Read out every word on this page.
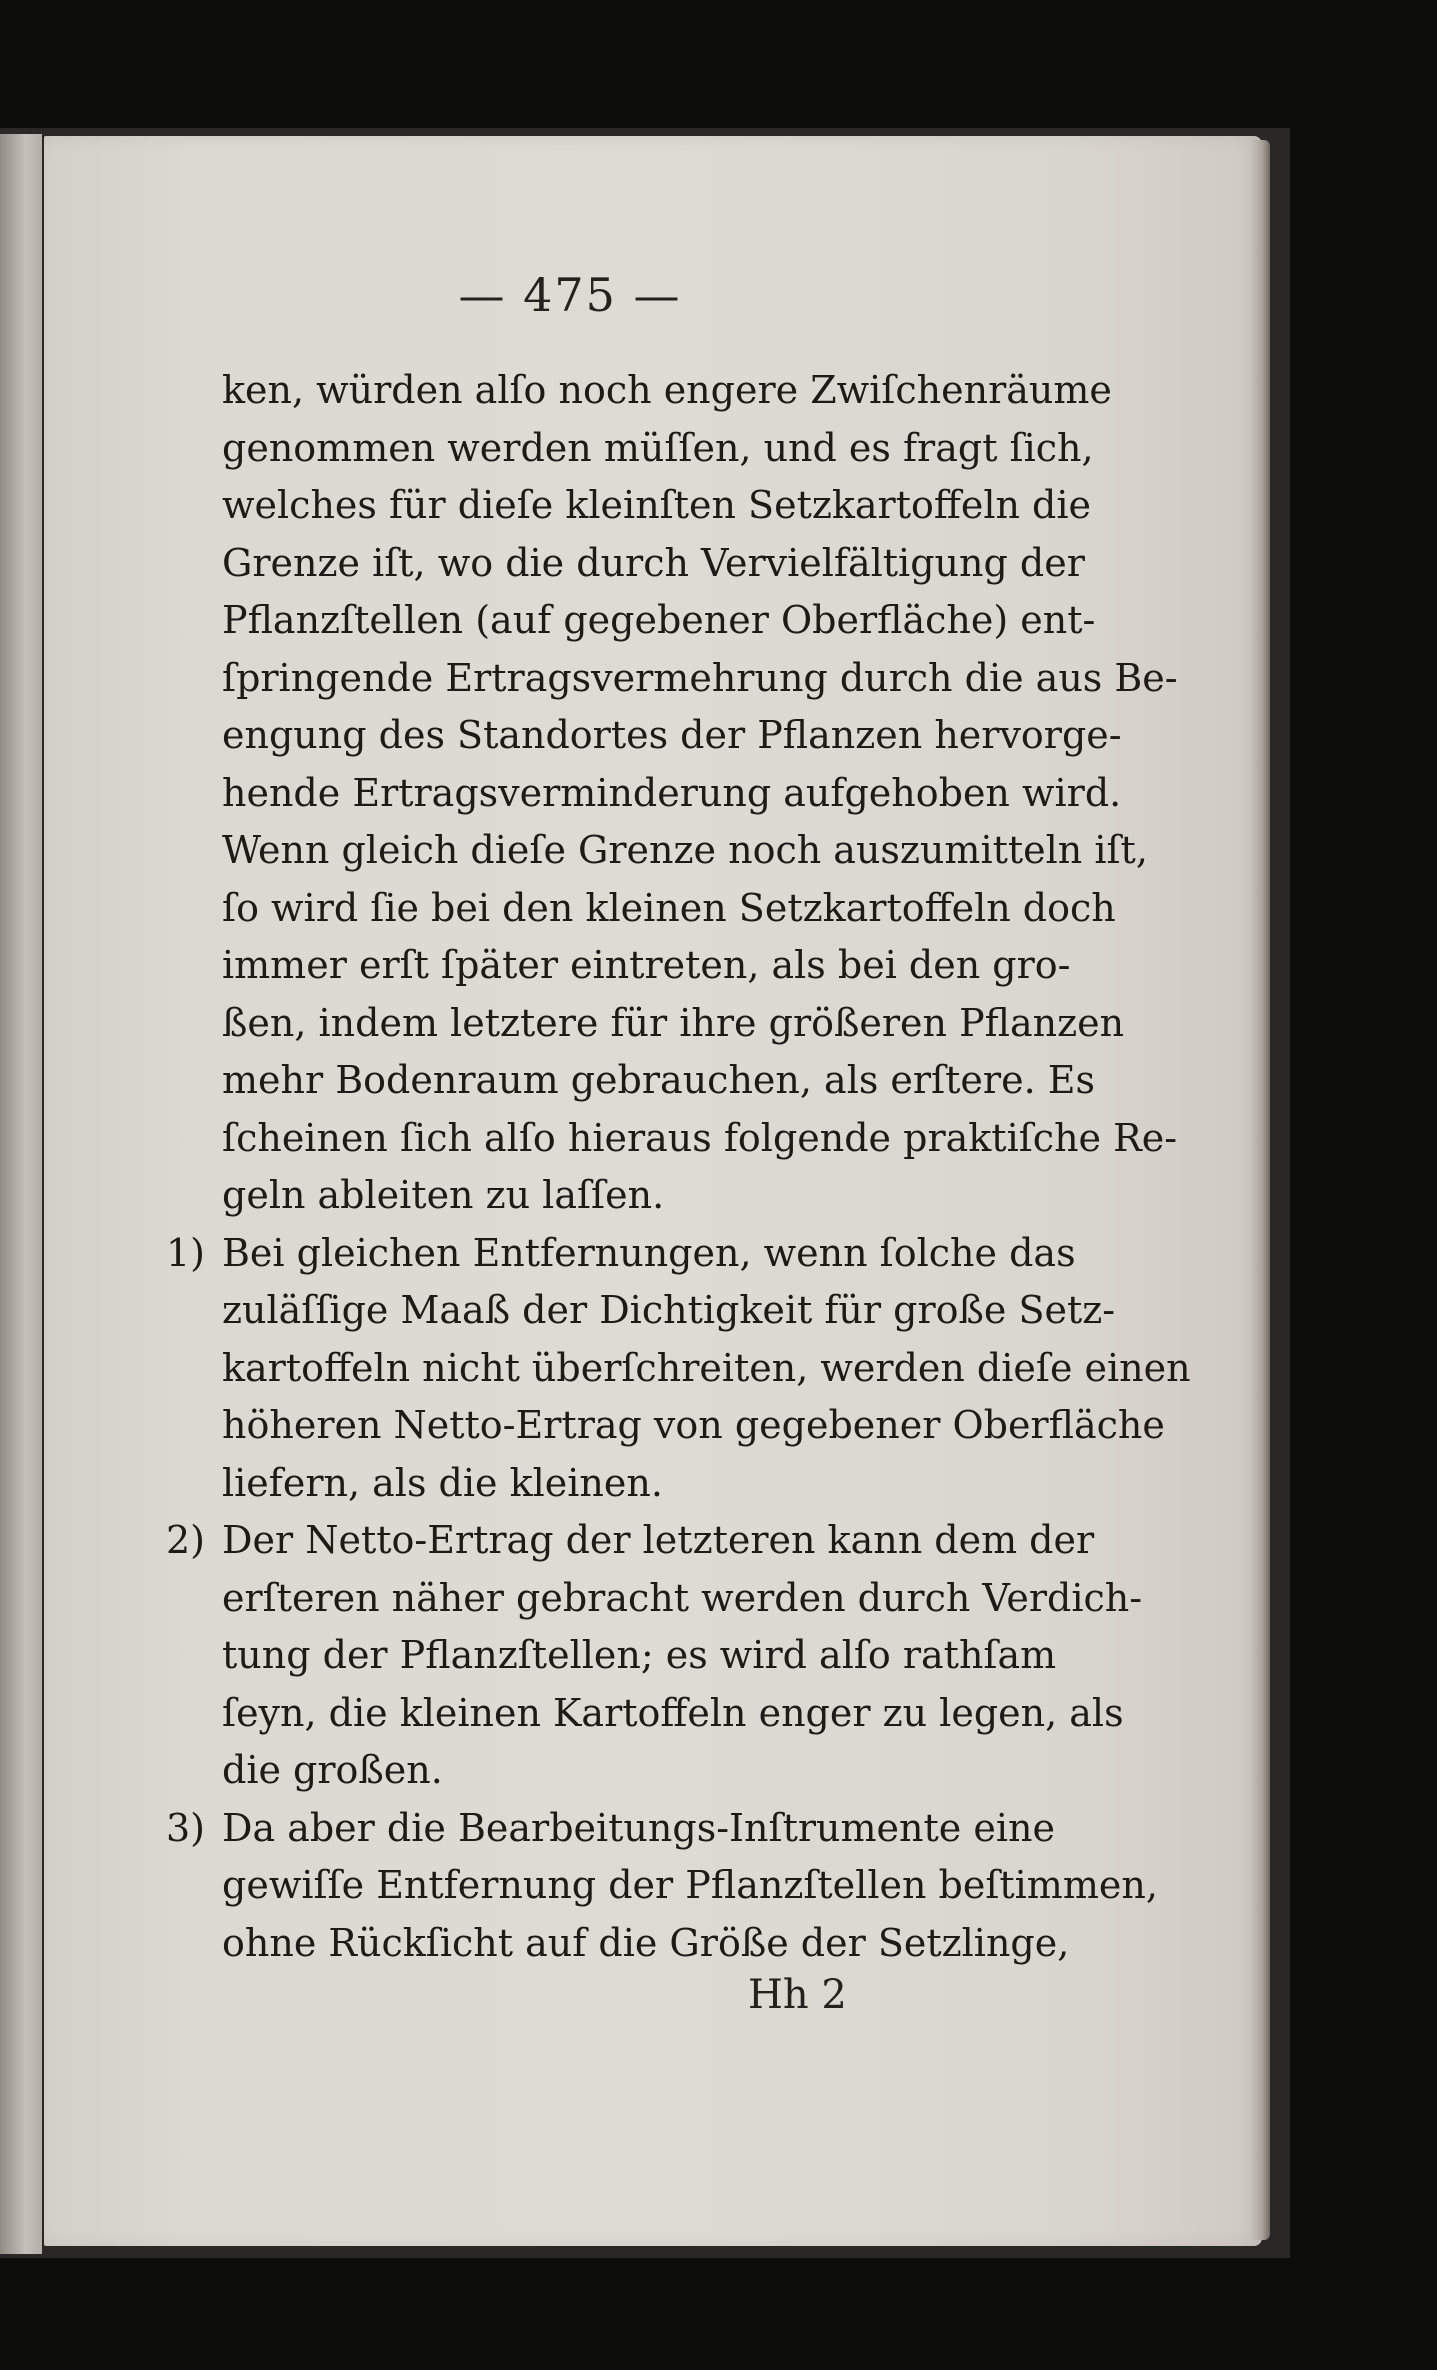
— 475 —
ken, würden alſo noch engere Zwiſchenräume
genommen werden müſſen, und es fragt ſich,
welches für dieſe kleinſten Setzkartoffeln die
Grenze iſt, wo die durch Vervielfältigung der
Pflanzſtellen (auf gegebener Oberfläche) ent-
ſpringende Ertragsvermehrung durch die aus Be-
engung des Standortes der Pflanzen hervorge-
hende Ertragsverminderung aufgehoben wird.
Wenn gleich dieſe Grenze noch auszumitteln iſt,
ſo wird ſie bei den kleinen Setzkartoffeln doch
immer erſt ſpäter eintreten, als bei den gro-
ßen, indem letztere für ihre größeren Pflanzen
mehr Bodenraum gebrauchen, als erſtere. Es
ſcheinen ſich alſo hieraus folgende praktiſche Re-
geln ableiten zu laſſen.
1) Bei gleichen Entfernungen, wenn ſolche das
zuläſſige Maaß der Dichtigkeit für große Setz-
kartoffeln nicht überſchreiten, werden dieſe einen
höheren Netto-Ertrag von gegebener Oberfläche
liefern, als die kleinen.
2) Der Netto-Ertrag der letzteren kann dem der
erſteren näher gebracht werden durch Verdich-
tung der Pflanzſtellen; es wird alſo rathſam
ſeyn, die kleinen Kartoffeln enger zu legen, als
die großen.
3) Da aber die Bearbeitungs-Inſtrumente eine
gewiſſe Entfernung der Pflanzſtellen beſtimmen,
ohne Rückſicht auf die Größe der Setzlinge,
Hh 2
